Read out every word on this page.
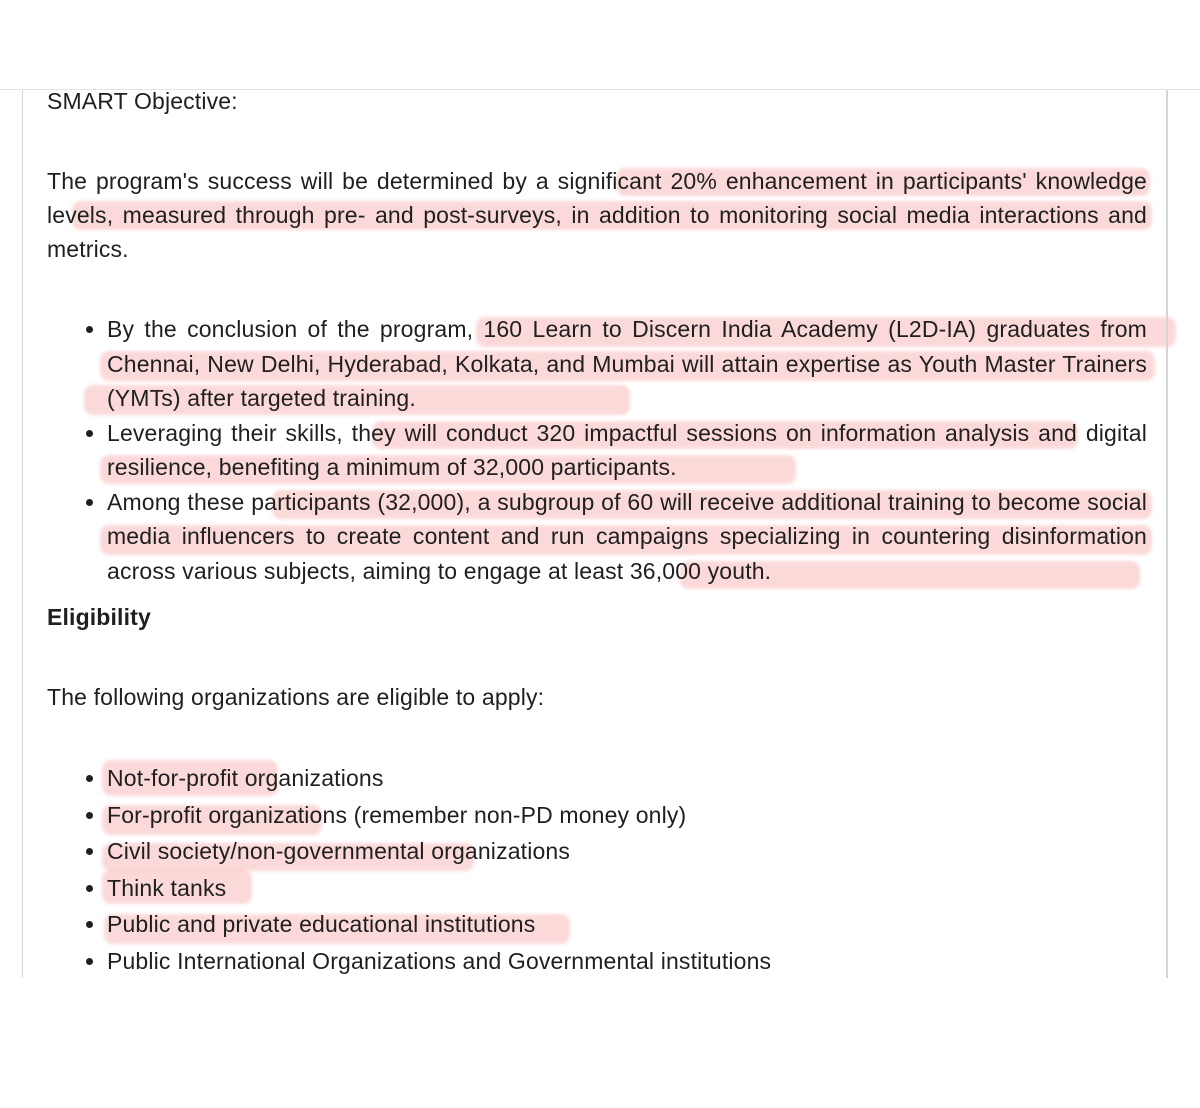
SMART Objective:

The program's success will be determined by a significant 20% enhancement in participants' knowledge levels, measured through pre- and post-surveys, in addition to monitoring social media interactions and metrics.

• By the conclusion of the program, 160 Learn to Discern India Academy (L2D-IA) graduates from Chennai, New Delhi, Hyderabad, Kolkata, and Mumbai will attain expertise as Youth Master Trainers (YMTs) after targeted training.
• Leveraging their skills, they will conduct 320 impactful sessions on information analysis and digital resilience, benefiting a minimum of 32,000 participants.
• Among these participants (32,000), a subgroup of 60 will receive additional training to become social media influencers to create content and run campaigns specializing in countering disinformation across various subjects, aiming to engage at least 36,000 youth.

Eligibility

The following organizations are eligible to apply:

• Not-for-profit organizations
• For-profit organizations (remember non-PD money only)
• Civil society/non-governmental organizations
• Think tanks
• Public and private educational institutions
• Public International Organizations and Governmental institutions
